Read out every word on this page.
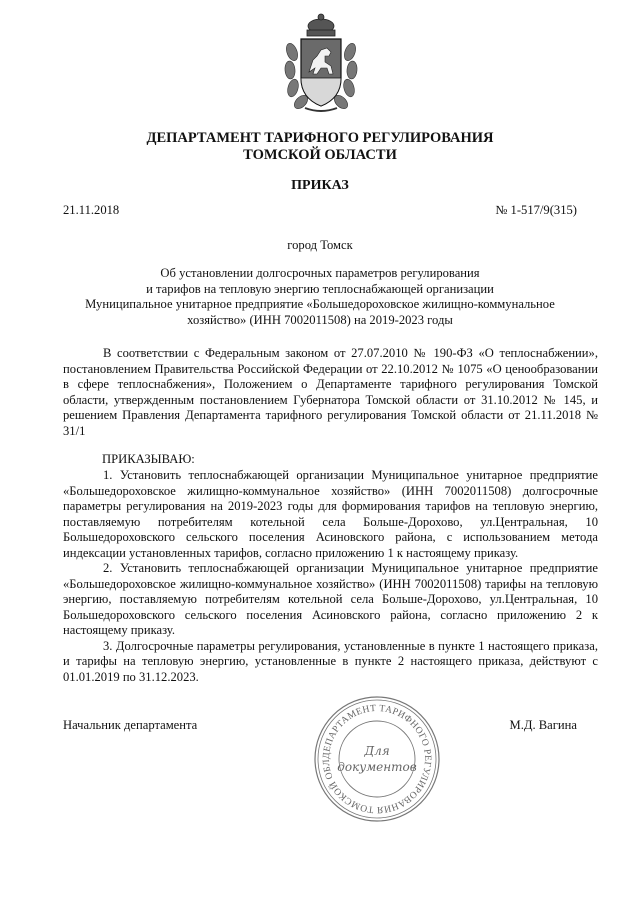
ДЕПАРТАМЕНТ ТАРИФНОГО РЕГУЛИРОВАНИЯ
ТОМСКОЙ ОБЛАСТИ
ПРИКАЗ
21.11.2018	№ 1-517/9(315)
город Томск
Об установлении долгосрочных параметров регулирования
и тарифов на тепловую энергию теплоснабжающей организации
Муниципальное унитарное предприятие «Большедороховское жилищно-коммунальное
хозяйство» (ИНН 7002011508) на 2019-2023 годы

В соответствии с Федеральным законом от 27.07.2010 № 190-ФЗ «О теплоснабжении», постановлением Правительства Российской Федерации от 22.10.2012 № 1075 «О ценообразовании в сфере теплоснабжения», Положением о Департаменте тарифного регулирования Томской области, утвержденным постановлением Губернатора Томской области от 31.10.2012 № 145, и решением Правления Департамента тарифного регулирования Томской области от 21.11.2018 № 31/1

ПРИКАЗЫВАЮ:

1. Установить теплоснабжающей организации Муниципальное унитарное предприятие «Большедороховское жилищно-коммунальное хозяйство» (ИНН 7002011508) долгосрочные параметры регулирования на 2019-2023 годы для формирования тарифов на тепловую энергию, поставляемую потребителям котельной села Больше-Дорохово, ул.Центральная, 10 Большедороховского сельского поселения Асиновского района, с использованием метода индексации установленных тарифов, согласно приложению 1 к настоящему приказу.

2. Установить теплоснабжающей организации Муниципальное унитарное предприятие «Большедороховское жилищно-коммунальное хозяйство» (ИНН 7002011508) тарифы на тепловую энергию, поставляемую потребителям котельной села Больше-Дорохово, ул.Центральная, 10 Большедороховского сельского поселения Асиновского района, согласно приложению 2 к настоящему приказу.

3. Долгосрочные параметры регулирования, установленные в пункте 1 настоящего приказа, и тарифы на тепловую энергию, установленные в пункте 2 настоящего приказа, действуют с 01.01.2019 по 31.12.2023.

Начальник департамента	М.Д. Вагина
ДЕПАРТАМЕНТ ТАРИФНОГО РЕГУЛИРОВАНИЯ ТОМСКОЙ ОБЛ
Для
документов
